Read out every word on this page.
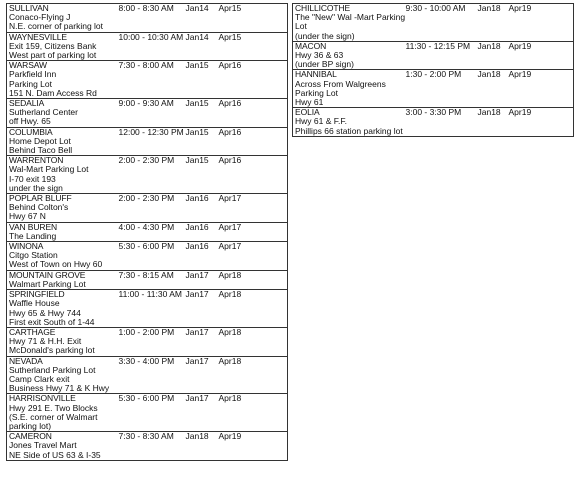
SULLIVAN
Conaco-Flying J
N.E. corner of parking lot	8:00 - 8:30 AM	Jan14	Apr15

WAYNESVILLE
Exit 159, Citizens Bank
West part of parking lot	10:00 - 10:30 AM	Jan14	Apr15

WARSAW
Parkfield Inn
Parking Lot
151 N. Dam Access Rd	7:30 - 8:00 AM	Jan15	Apr16

SEDALIA
Sutherland Center
off Hwy. 65	9:00 - 9:30 AM	Jan15	Apr16

COLUMBIA
Home Depot Lot
Behind Taco Bell	12:00 - 12:30 PM	Jan15	Apr16

WARRENTON
Wal-Mart Parking Lot
I-70 exit 193
under the sign	2:00 - 2:30 PM	Jan15	Apr16

POPLAR BLUFF
Behind Colton's
Hwy 67 N	2:00 - 2:30 PM	Jan16	Apr17

VAN BUREN
The Landing	4:00 - 4:30 PM	Jan16	Apr17

WINONA
Citgo Station
West of Town on Hwy 60	5:30 - 6:00 PM	Jan16	Apr17

MOUNTAIN GROVE
Walmart Parking Lot	7:30 - 8:15 AM	Jan17	Apr18

SPRINGFIELD
Waffle House
Hwy 65 & Hwy 744
First exit South of 1-44	11:00 - 11:30 AM	Jan17	Apr18

CARTHAGE
Hwy 71 & H.H. Exit
McDonald's parking lot	1:00 - 2:00 PM	Jan17	Apr18

NEVADA
Sutherland Parking Lot
Camp Clark exit
Business Hwy 71 & K Hwy	3:30 - 4:00 PM	Jan17	Apr18

HARRISONVILLE
Hwy 291 E. Two Blocks
(S.E. corner of Walmart
parking lot)	5:30 - 6:00 PM	Jan17	Apr18

CAMERON
Jones Travel Mart
NE Side of US 63 & I-35	7:30 - 8:30 AM	Jan18	Apr19
CHILLICOTHE
The "New" Wal -Mart Parking
Lot
(under the sign)	9:30 - 10:00 AM	Jan18	Apr19

MACON
Hwy 36 & 63
(under BP sign)	11:30 - 12:15 PM	Jan18	Apr19

HANNIBAL
Across From Walgreens
Parking Lot
Hwy 61	1:30 - 2:00 PM	Jan18	Apr19

EOLIA
Hwy 61 & F.F.
Phillips 66 station parking lot	3:00 - 3:30 PM	Jan18	Apr19
